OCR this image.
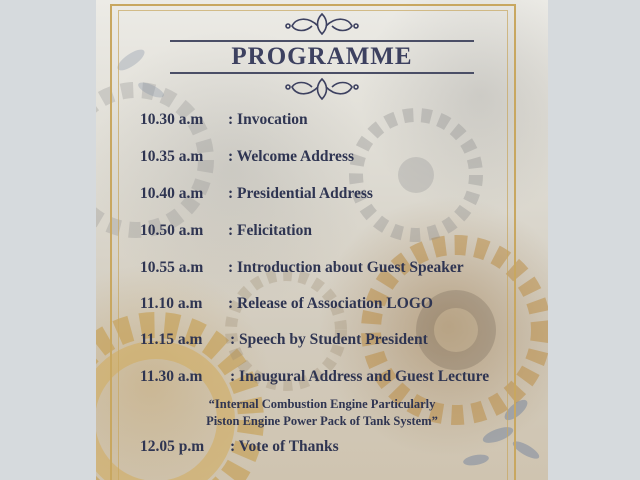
PROGRAMME
10.30 a.m : Invocation
10.35 a.m : Welcome Address
10.40 a.m : Presidential Address
10.50 a.m : Felicitation
10.55 a.m : Introduction about Guest Speaker
11.10 a.m : Release of Association LOGO
11.15 a.m : Speech by Student President
11.30 a.m : Inaugural Address and Guest Lecture
“Internal Combustion Engine Particularly
Piston Engine Power Pack of Tank System”
12.05 p.m : Vote of Thanks
